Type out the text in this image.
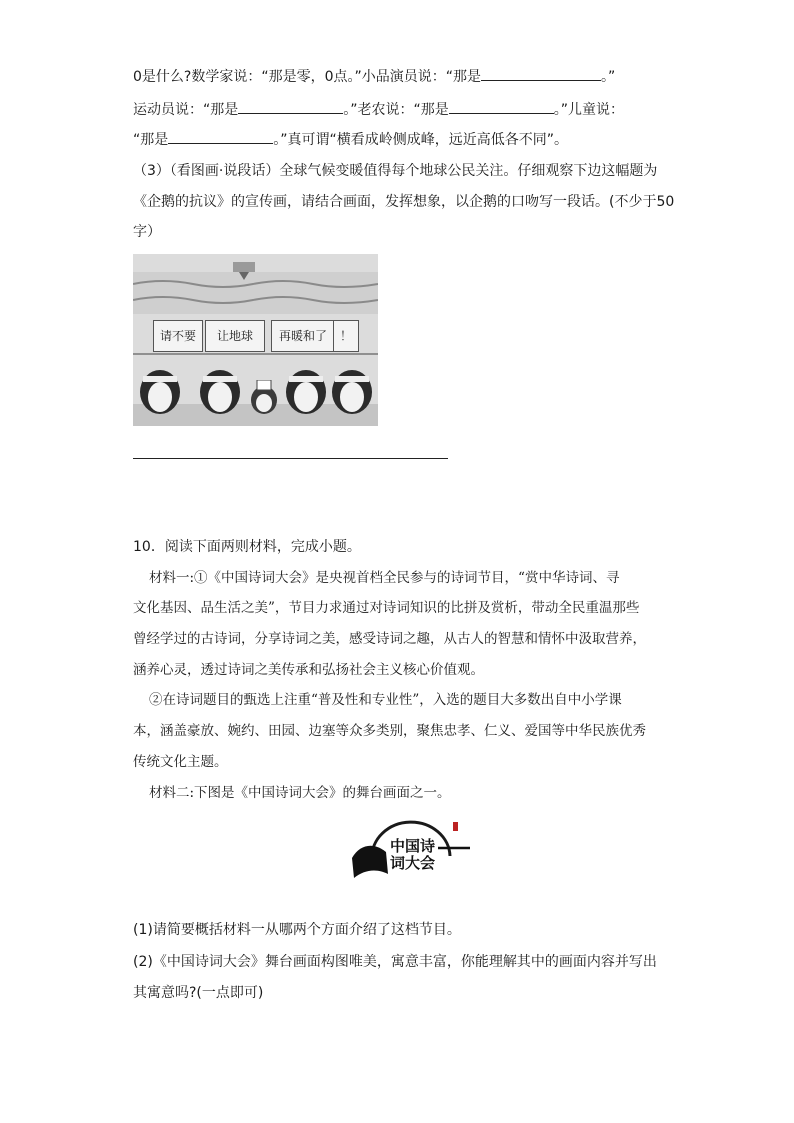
0是什么?数学家说：“那是零，0点。”小品演员说：“那是	。”
运动员说：“那是	。”老农说：“那是	。”儿童说：
“那是	。”真可谓“横看成岭侧成峰，远近高低各不同”。
（3）（看图画·说段话）全球气候变暖值得每个地球公民关注。仔细观察下边这幅题为
《企鹅的抗议》的宣传画，请结合画面，发挥想象，以企鹅的口吻写一段话。(不少于50
字）
请不要	让地球	再暖和了	！
10．阅读下面两则材料，完成小题。
材料一:①《中国诗词大会》是央视首档全民参与的诗词节目，“赏中华诗词、寻
文化基因、品生活之美”，节目力求通过对诗词知识的比拼及赏析，带动全民重温那些
曾经学过的古诗词，分享诗词之美，感受诗词之趣，从古人的智慧和情怀中汲取营养，
涵养心灵，透过诗词之美传承和弘扬社会主义核心价值观。
②在诗词题目的甄选上注重“普及性和专业性”，入选的题目大多数出自中小学课
本，涵盖豪放、婉约、田园、边塞等众多类别，聚焦忠孝、仁义、爱国等中华民族优秀
传统文化主题。
材料二:下图是《中国诗词大会》的舞台画面之一。
中国诗词大会
(1)请简要概括材料一从哪两个方面介绍了这档节目。
(2)《中国诗词大会》舞台画面构图唯美，寓意丰富，你能理解其中的画面内容并写出
其寓意吗?(一点即可)
